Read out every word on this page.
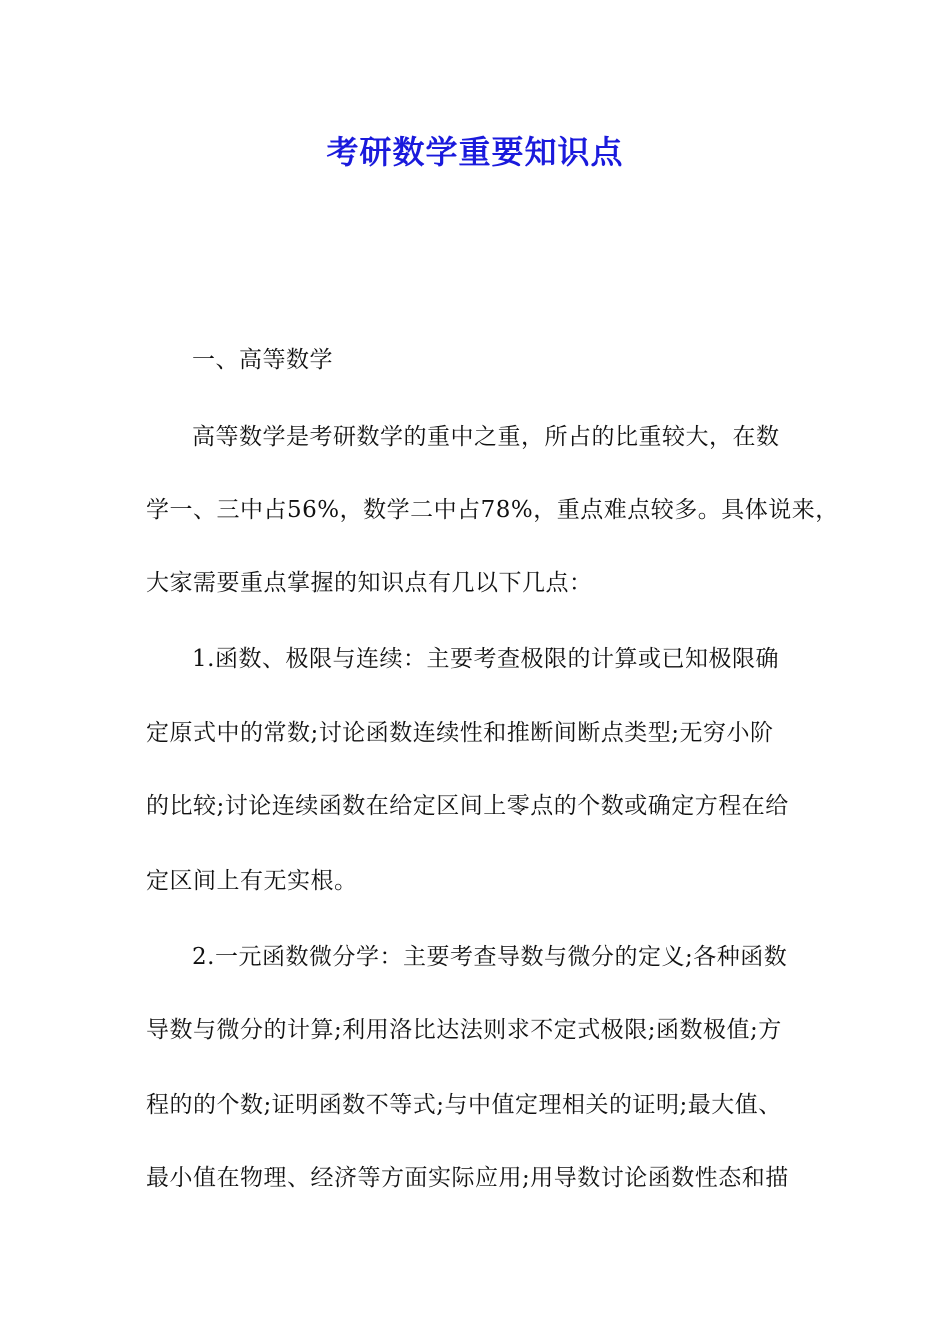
考研数学重要知识点
一、高等数学
高等数学是考研数学的重中之重，所占的比重较大，在数
学一、三中占56%，数学二中占78%，重点难点较多。具体说来，
大家需要重点掌握的知识点有几以下几点：
1.函数、极限与连续：主要考查极限的计算或已知极限确
定原式中的常数;讨论函数连续性和推断间断点类型;无穷小阶
的比较;讨论连续函数在给定区间上零点的个数或确定方程在给
定区间上有无实根。
2.一元函数微分学：主要考查导数与微分的定义;各种函数
导数与微分的计算;利用洛比达法则求不定式极限;函数极值;方
程的的个数;证明函数不等式;与中值定理相关的证明;最大值、
最小值在物理、经济等方面实际应用;用导数讨论函数性态和描
